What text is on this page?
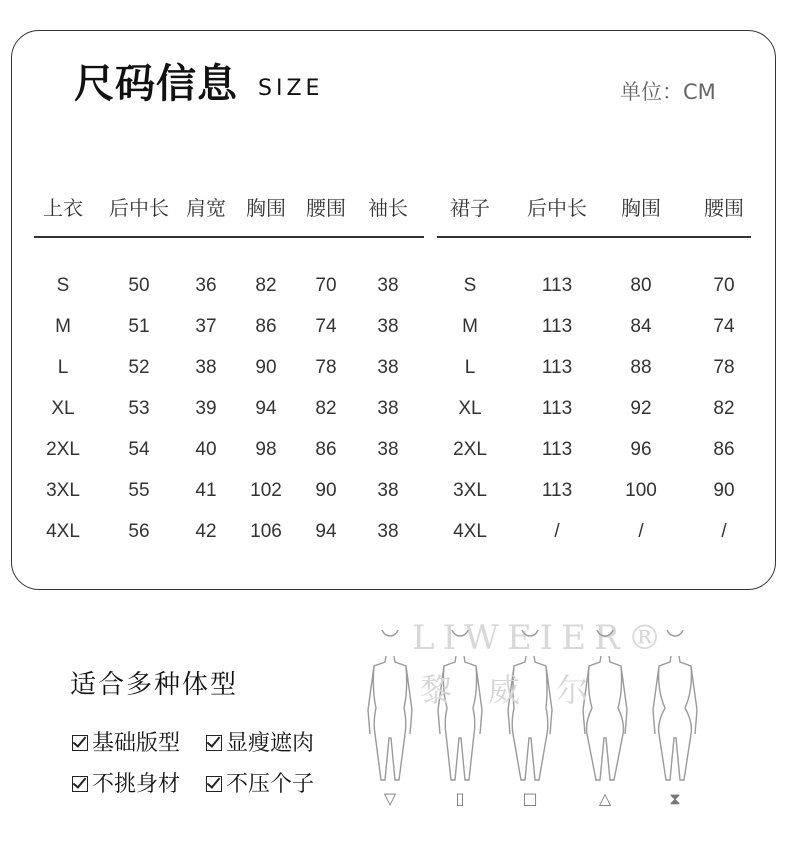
尺码信息 SIZE	单位：CM
上衣 后中长 肩宽 胸围 腰围 袖长 裙子 后中长 胸围 腰围
S	50 36 82 70 38
M	51 37 86 74 38
L	52 38 90 78 38
XL	53 39 94 82 38
2XL	54 40 98 86 38
3XL	55 41 102 90 38
4XL	56 42 106 94 38
S	113	80	70
M	113	84	74
L	113	88	78
XL	113	92	82
2XL	113	96	86
3XL	113	100	90
4XL	/	/	/
LIWEIER®
▽	▯	□	△	⧗
黎威尔
适合多种体型
基础版型	显瘦遮肉
不挑身材	不压个子
